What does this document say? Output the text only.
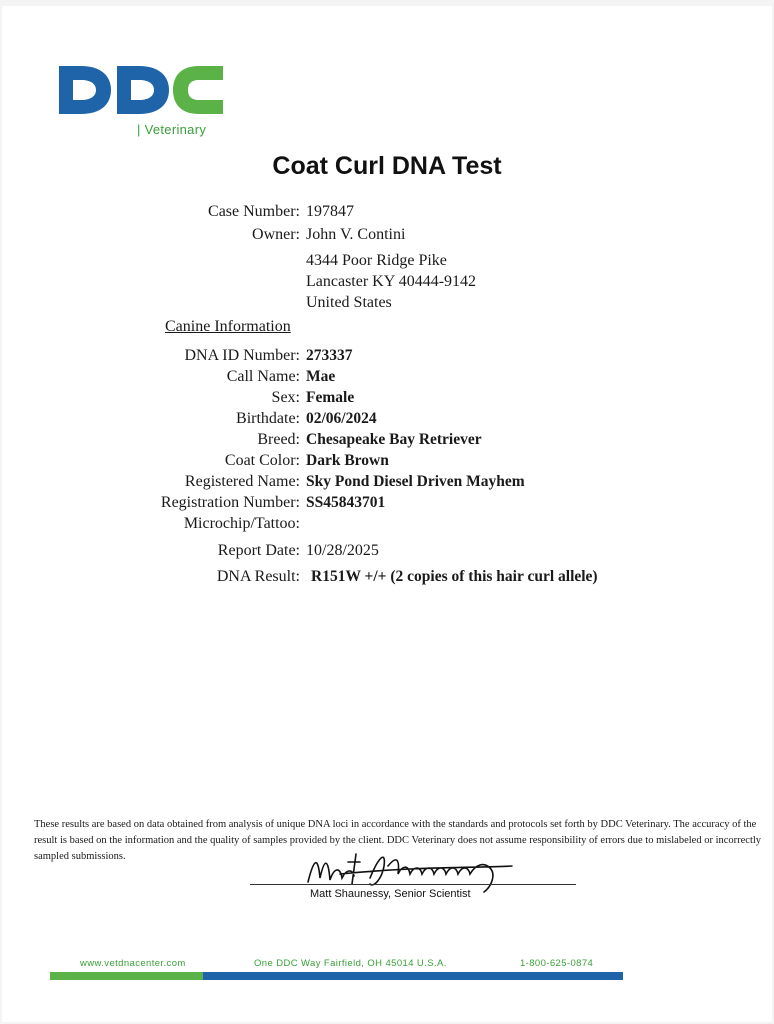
| Veterinary
Coat Curl DNA Test
Case Number: 197847
Owner: John V. Contini
4344 Poor Ridge Pike
Lancaster KY 40444-9142
United States
Canine Information
DNA ID Number: 273337
Call Name: Mae
Sex: Female
Birthdate: 02/06/2024
Breed: Chesapeake Bay Retriever
Coat Color: Dark Brown
Registered Name: Sky Pond Diesel Driven Mayhem
Registration Number: SS45843701
Microchip/Tattoo:
Report Date: 10/28/2025
DNA Result: R151W +/+ (2 copies of this hair curl allele)
These results are based on data obtained from analysis of unique DNA loci in accordance with the standards and protocols set forth by DDC Veterinary. The accuracy of the result is based on the information and the quality of samples provided by the client. DDC Veterinary does not assume responsibility of errors due to mislabeled or incorrectly sampled submissions.
Matt Shaunessy, Senior Scientist
www.vetdnacenter.com	One DDC Way Fairfield, OH 45014 U.S.A.	1-800-625-0874
